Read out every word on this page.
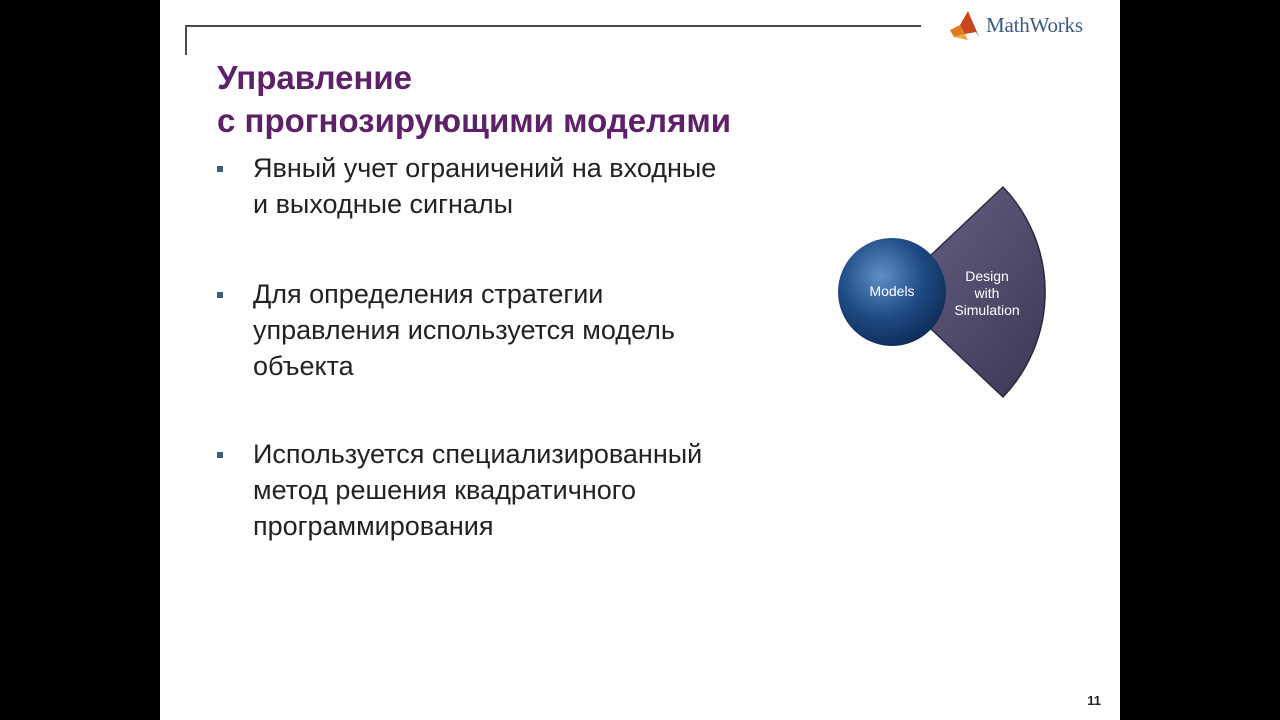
MathWorks
Управление
с прогнозирующими моделями
Явный учет ограничений на входные
и выходные сигналы
Для определения стратегии
управления используется модель
объекта
Используется специализированный
метод решения квадратичного
программирования
Models
Design
with
Simulation
11
